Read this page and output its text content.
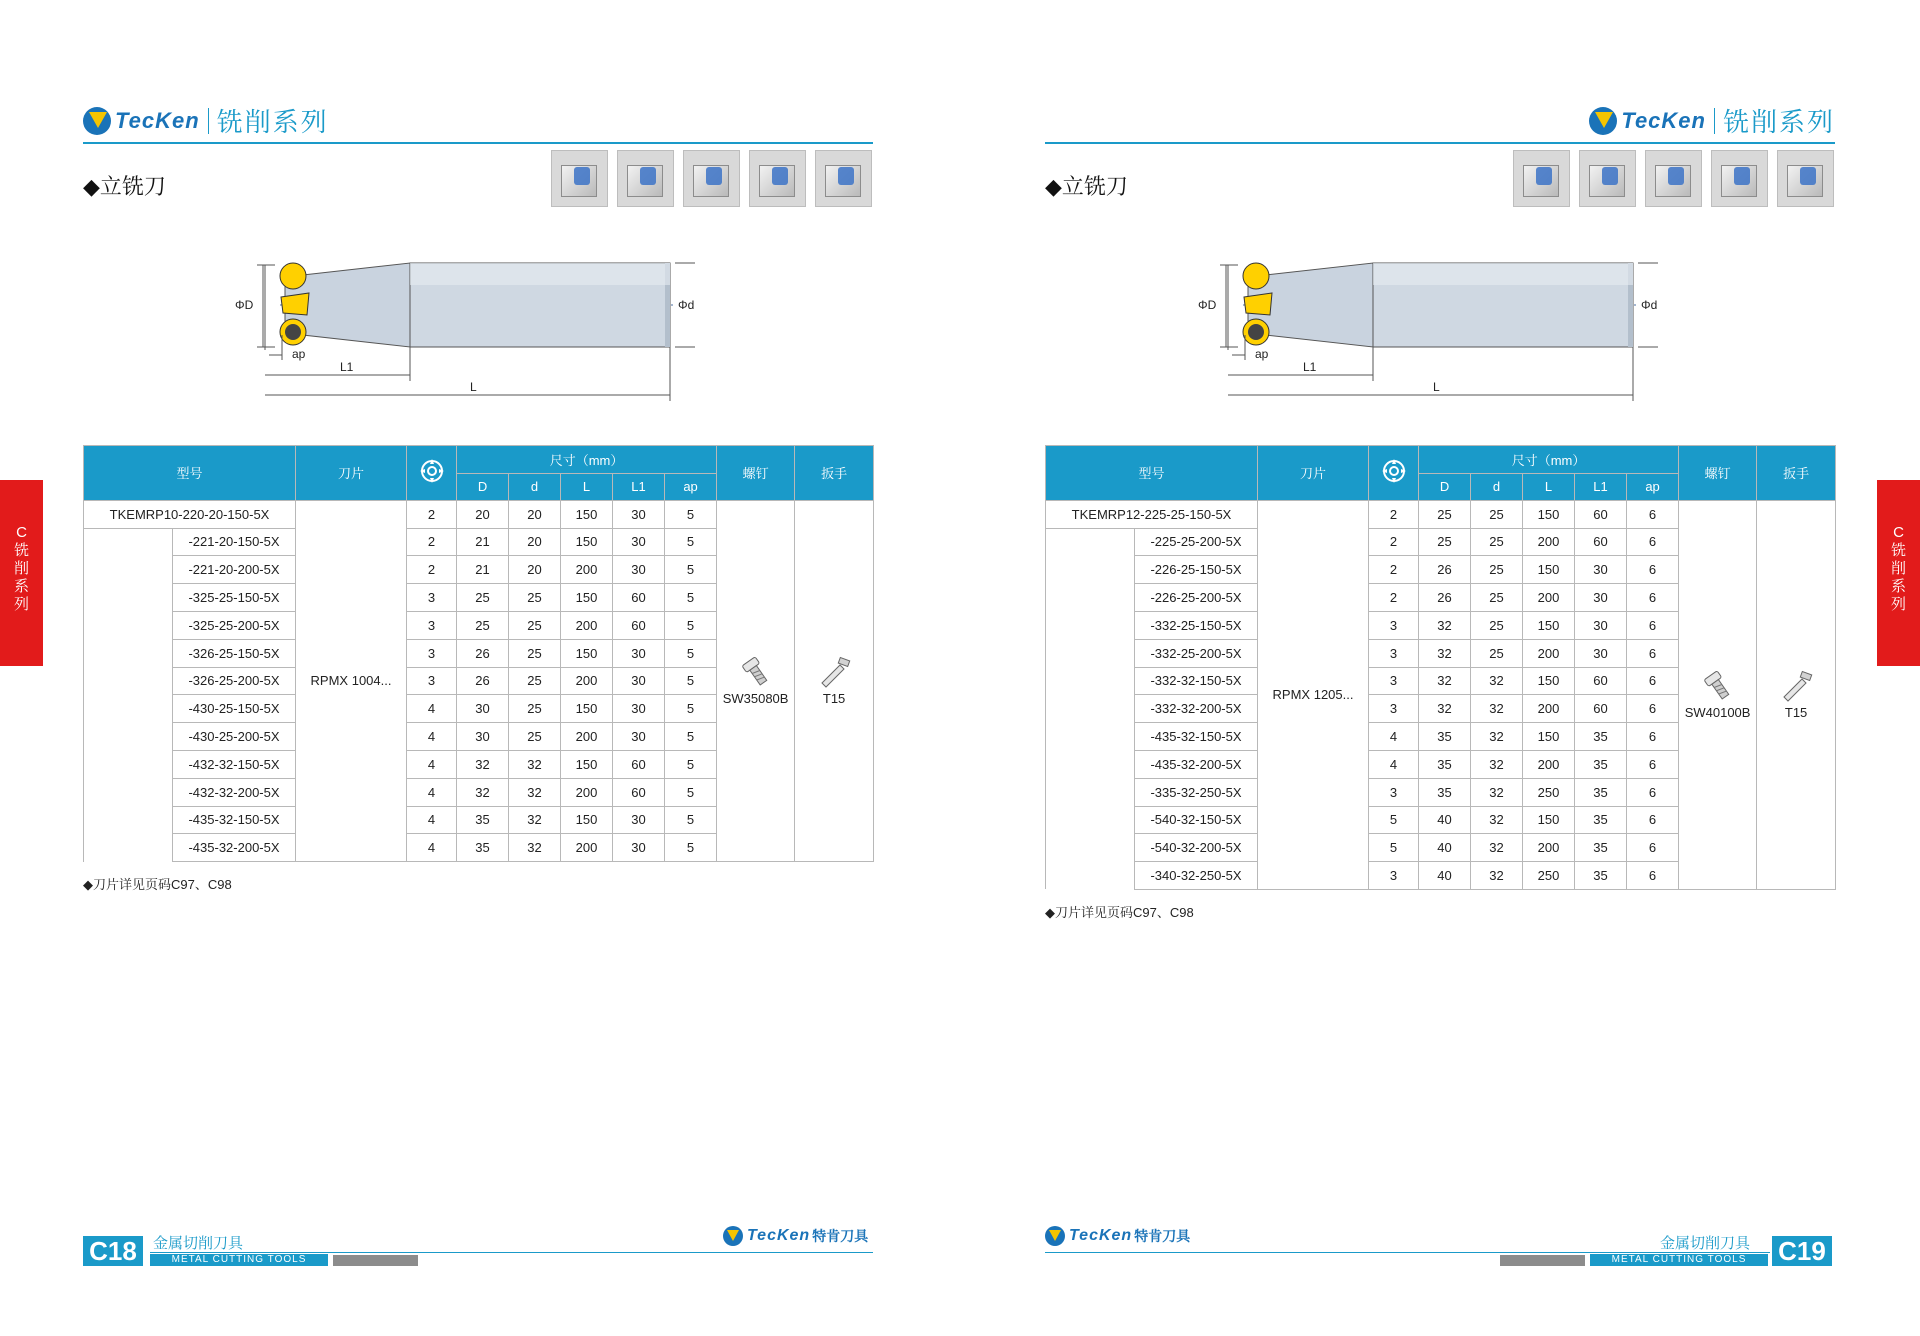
TecKen 铣削系列
◆立铣刀
ΦD	Φd
ap
L1
L
型号		刀片		尺寸（mm）					螺钉	扳手
				D	d	L	L1	ap		
TKEMRP10-220-20-150-5X		RPMX 1004...	2	20	20	150	30	5	SW35080B	T15
	-221-20-150-5X		2	21	20	150	30	5		
	-221-20-200-5X		2	21	20	200	30	5		
	-325-25-150-5X		3	25	25	150	60	5		
	-325-25-200-5X		3	25	25	200	60	5		
	-326-25-150-5X		3	26	25	150	30	5		
	-326-25-200-5X		3	26	25	200	30	5		
	-430-25-150-5X		4	30	25	150	30	5		
	-430-25-200-5X		4	30	25	200	30	5		
	-432-32-150-5X		4	32	32	150	60	5		
	-432-32-200-5X		4	32	32	200	60	5		
	-435-32-150-5X		4	35	32	150	30	5		
	-435-32-200-5X		4	35	32	200	30	5		
◆刀片详见页码C97、C98
C
铣削系列
C18	金属切削刀具
METAL CUTTING TOOLS
TecKen 特肯刀具
TecKen 铣削系列
◆立铣刀
ΦD	Φd
ap
L1
L
型号		刀片		尺寸（mm）					螺钉	扳手
				D	d	L	L1	ap		
TKEMRP12-225-25-150-5X		RPMX 1205...	2	25	25	150	60	6	SW40100B	T15
	-225-25-200-5X		2	25	25	200	60	6		
	-226-25-150-5X		2	26	25	150	30	6		
	-226-25-200-5X		2	26	25	200	30	6		
	-332-25-150-5X		3	32	25	150	30	6		
	-332-25-200-5X		3	32	25	200	30	6		
	-332-32-150-5X		3	32	32	150	60	6		
	-332-32-200-5X		3	32	32	200	60	6		
	-435-32-150-5X		4	35	32	150	35	6		
	-435-32-200-5X		4	35	32	200	35	6		
	-335-32-250-5X		3	35	32	250	35	6		
	-540-32-150-5X		5	40	32	150	35	6		
	-540-32-200-5X		5	40	32	200	35	6		
	-340-32-250-5X		3	40	32	250	35	6		
◆刀片详见页码C97、C98
C
铣削系列
TecKen 特肯刀具	金属切削刀具
METAL CUTTING TOOLS	C19
